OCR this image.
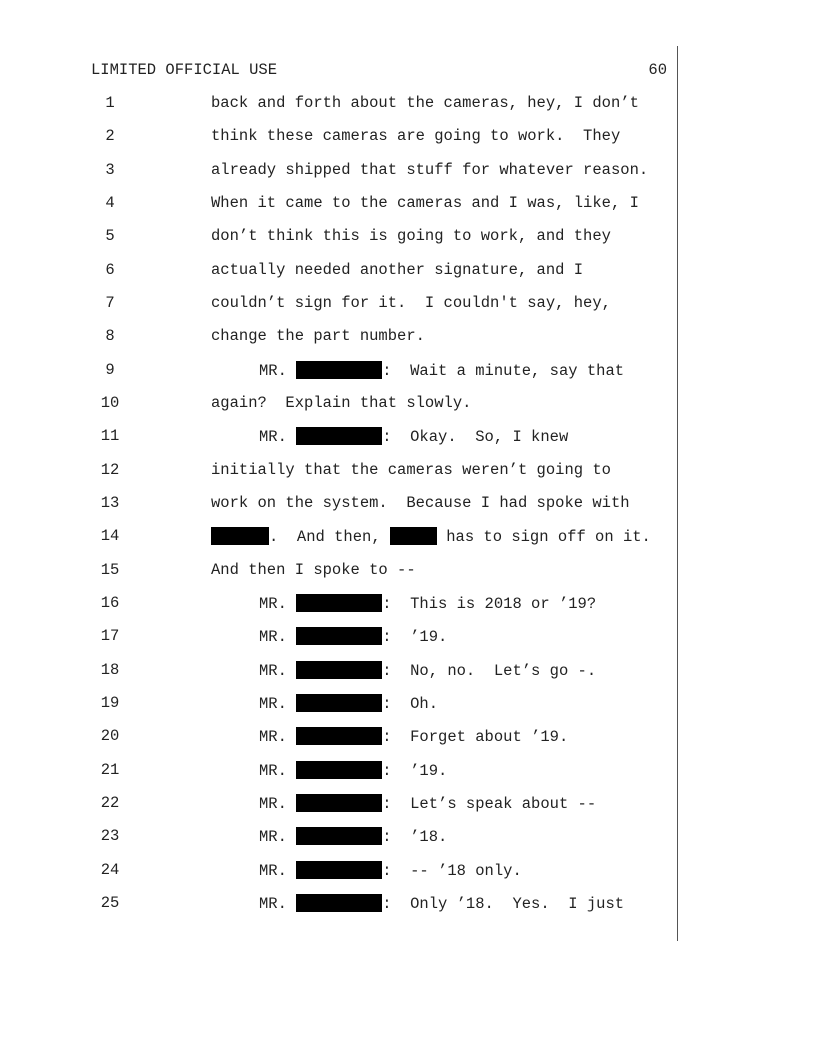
LIMITED OFFICIAL USE	60
1	back and forth about the cameras, hey, I don’t
2	think these cameras are going to work.  They
3	already shipped that stuff for whatever reason.
4	When it came to the cameras and I was, like, I
5	don’t think this is going to work, and they
6	actually needed another signature, and I
7	couldn’t sign for it.  I couldn't say, hey,
8	change the part number.
9	MR.	:  Wait a minute, say that
10	again?  Explain that slowly.
11	MR.	:  Okay.  So, I knew
12	initially that the cameras weren’t going to
13	work on the system.  Because I had spoke with
14	.  And then,	has to sign off on it.
15	And then I spoke to --
16	MR.	:  This is 2018 or ’19?
17	MR.	:  ’19.
18	MR.	:  No, no.  Let’s go -.
19	MR.	:  Oh.
20	MR.	:  Forget about ’19.
21	MR.	:  ’19.
22	MR.	:  Let’s speak about --
23	MR.	:  ’18.
24	MR.	:  -- ’18 only.
25	MR.	:  Only ’18.  Yes.  I just
